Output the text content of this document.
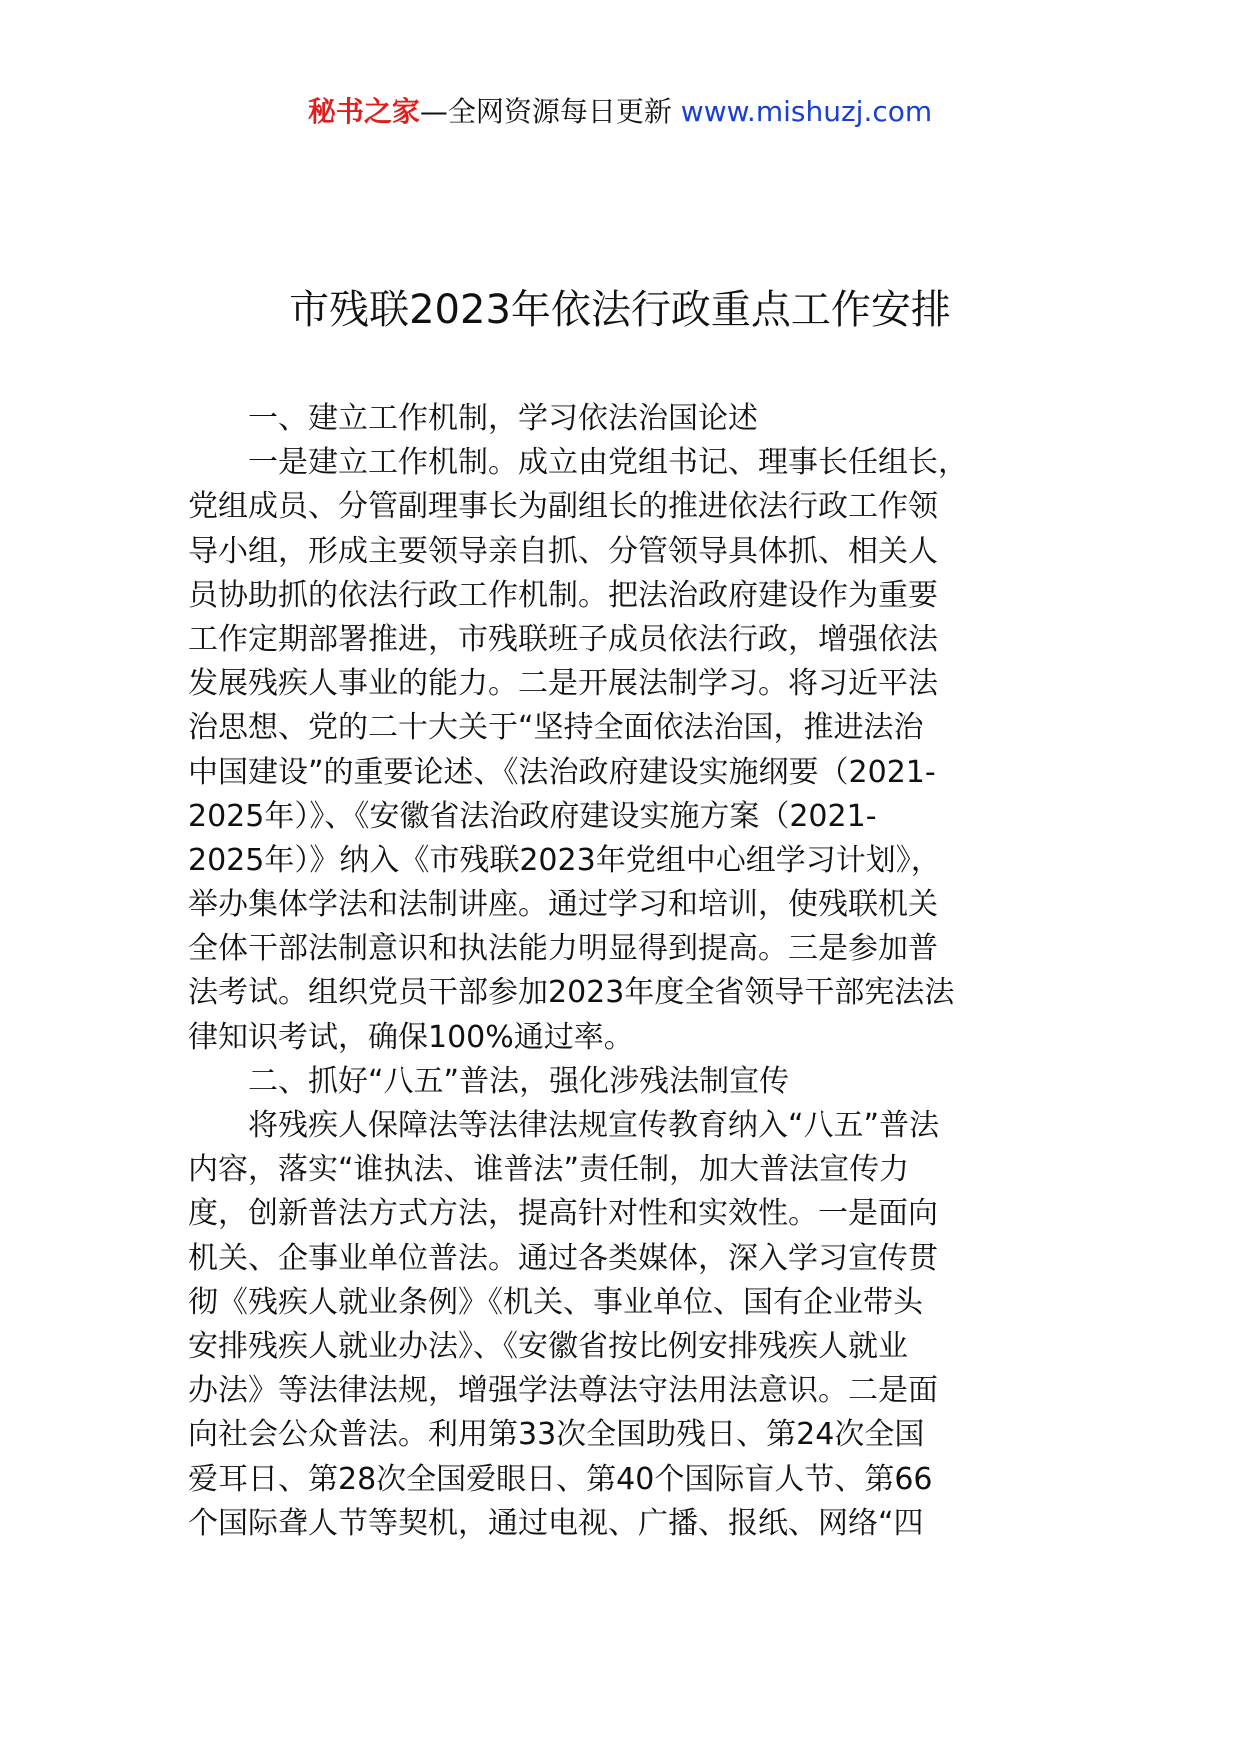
秘书之家—全网资源每日更新 www.mishuzj.com
市残联2023年依法行政重点工作安排
一、建立工作机制，学习依法治国论述
一是建立工作机制。成立由党组书记、理事长任组长，
党组成员、分管副理事长为副组长的推进依法行政工作领
导小组，形成主要领导亲自抓、分管领导具体抓、相关人
员协助抓的依法行政工作机制。把法治政府建设作为重要
工作定期部署推进，市残联班子成员依法行政，增强依法
发展残疾人事业的能力。二是开展法制学习。将习近平法
治思想、党的二十大关于“坚持全面依法治国，推进法治
中国建设”的重要论述、《法治政府建设实施纲要（2021-
2025年）》、《安徽省法治政府建设实施方案（2021-
2025年）》纳入《市残联2023年党组中心组学习计划》，
举办集体学法和法制讲座。通过学习和培训，使残联机关
全体干部法制意识和执法能力明显得到提高。三是参加普
法考试。组织党员干部参加2023年度全省领导干部宪法法
律知识考试，确保100%通过率。
二、抓好“八五”普法，强化涉残法制宣传
将残疾人保障法等法律法规宣传教育纳入“八五”普法
内容，落实“谁执法、谁普法”责任制，加大普法宣传力
度，创新普法方式方法，提高针对性和实效性。一是面向
机关、企事业单位普法。通过各类媒体，深入学习宣传贯
彻《残疾人就业条例》《机关、事业单位、国有企业带头
安排残疾人就业办法》、《安徽省按比例安排残疾人就业
办法》等法律法规，增强学法尊法守法用法意识。二是面
向社会公众普法。利用第33次全国助残日、第24次全国
爱耳日、第28次全国爱眼日、第40个国际盲人节、第66
个国际聋人节等契机，通过电视、广播、报纸、网络“四
